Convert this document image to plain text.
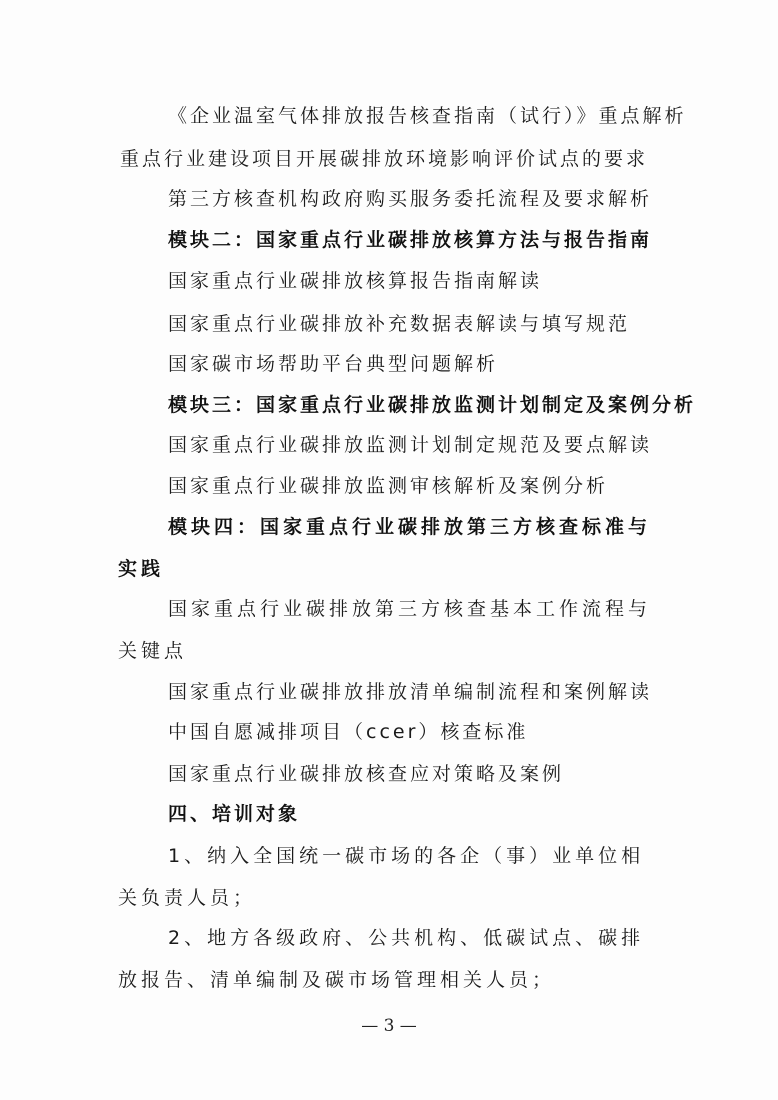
《企业温室气体排放报告核查指南（试行）》重点解析
重点行业建设项目开展碳排放环境影响评价试点的要求
第三方核查机构政府购买服务委托流程及要求解析
模块二：国家重点行业碳排放核算方法与报告指南
国家重点行业碳排放核算报告指南解读
国家重点行业碳排放补充数据表解读与填写规范
国家碳市场帮助平台典型问题解析
模块三：国家重点行业碳排放监测计划制定及案例分析
国家重点行业碳排放监测计划制定规范及要点解读
国家重点行业碳排放监测审核解析及案例分析
模块四：国家重点行业碳排放第三方核查标准与实践
国家重点行业碳排放第三方核查基本工作流程与关键点
国家重点行业碳排放排放清单编制流程和案例解读
中国自愿减排项目（ccer）核查标准
国家重点行业碳排放核查应对策略及案例
四、培训对象
1、纳入全国统一碳市场的各企（事）业单位相关负责人员；
2、地方各级政府、公共机构、低碳试点、碳排放报告、清单编制及碳市场管理相关人员；
— 3 —
